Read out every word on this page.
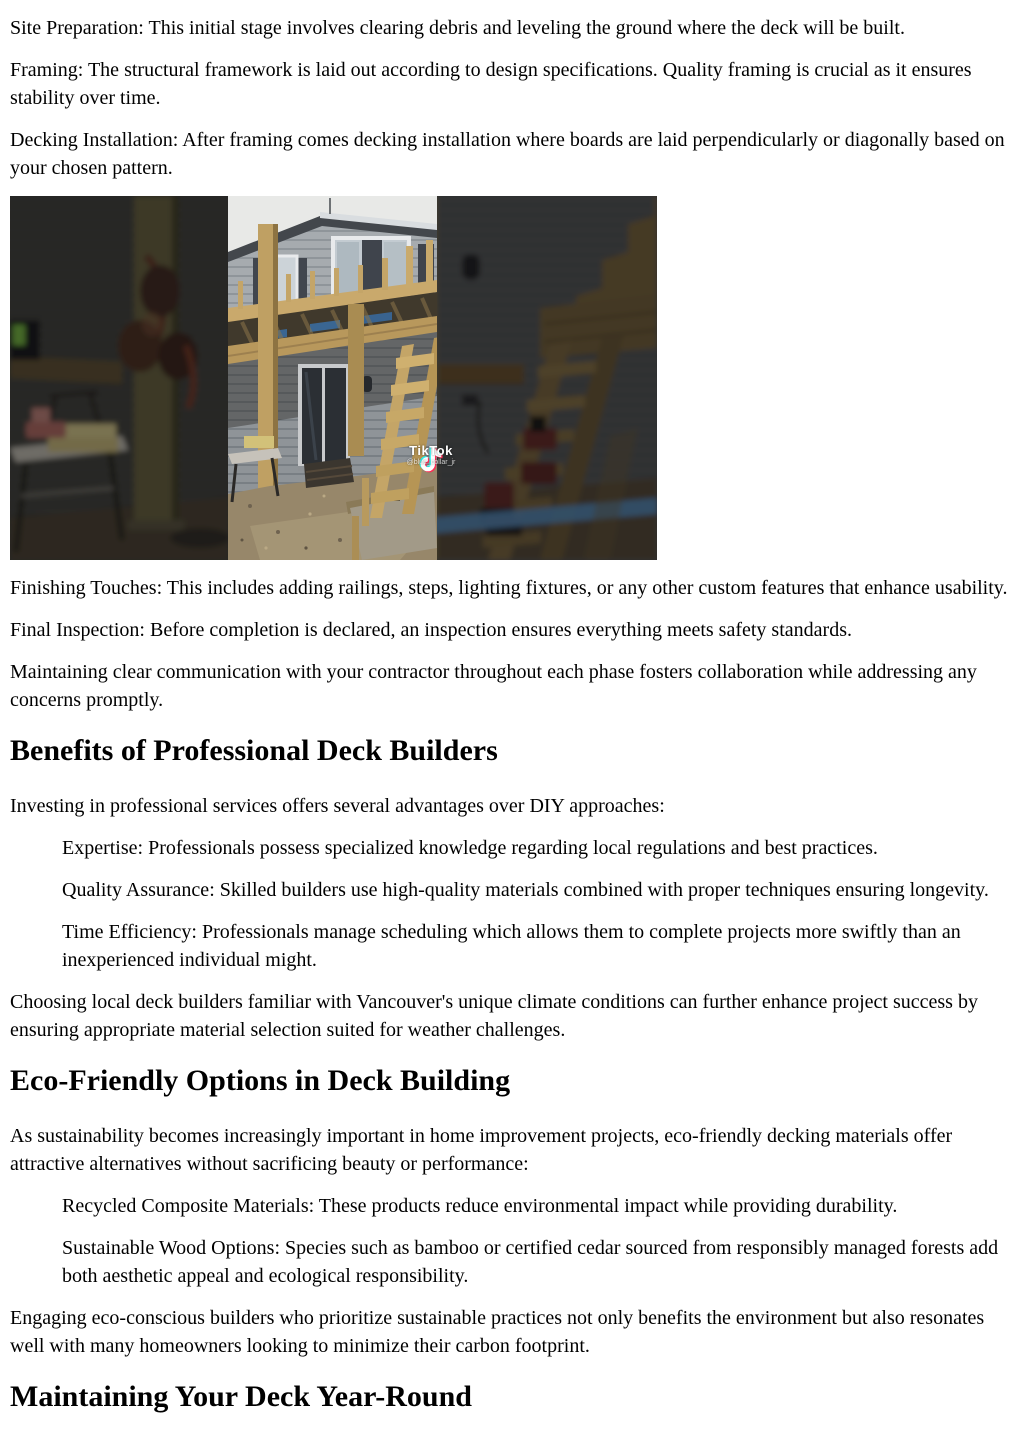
Site Preparation: This initial stage involves clearing debris and leveling the ground where the deck will be built.

Framing: The structural framework is laid out according to design specifications. Quality framing is crucial as it ensures stability over time.

Decking Installation: After framing comes decking installation where boards are laid perpendicularly or diagonally based on your chosen pattern.

TikTok
@blue_collar_jr

Finishing Touches: This includes adding railings, steps, lighting fixtures, or any other custom features that enhance usability.

Final Inspection: Before completion is declared, an inspection ensures everything meets safety standards.

Maintaining clear communication with your contractor throughout each phase fosters collaboration while addressing any concerns promptly.

Benefits of Professional Deck Builders

Investing in professional services offers several advantages over DIY approaches:

Expertise: Professionals possess specialized knowledge regarding local regulations and best practices.

Quality Assurance: Skilled builders use high-quality materials combined with proper techniques ensuring longevity.

Time Efficiency: Professionals manage scheduling which allows them to complete projects more swiftly than an inexperienced individual might.

Choosing local deck builders familiar with Vancouver's unique climate conditions can further enhance project success by ensuring appropriate material selection suited for weather challenges.

Eco-Friendly Options in Deck Building

As sustainability becomes increasingly important in home improvement projects, eco-friendly decking materials offer attractive alternatives without sacrificing beauty or performance:

Recycled Composite Materials: These products reduce environmental impact while providing durability.

Sustainable Wood Options: Species such as bamboo or certified cedar sourced from responsibly managed forests add both aesthetic appeal and ecological responsibility.

Engaging eco-conscious builders who prioritize sustainable practices not only benefits the environment but also resonates well with many homeowners looking to minimize their carbon footprint.

Maintaining Your Deck Year-Round
